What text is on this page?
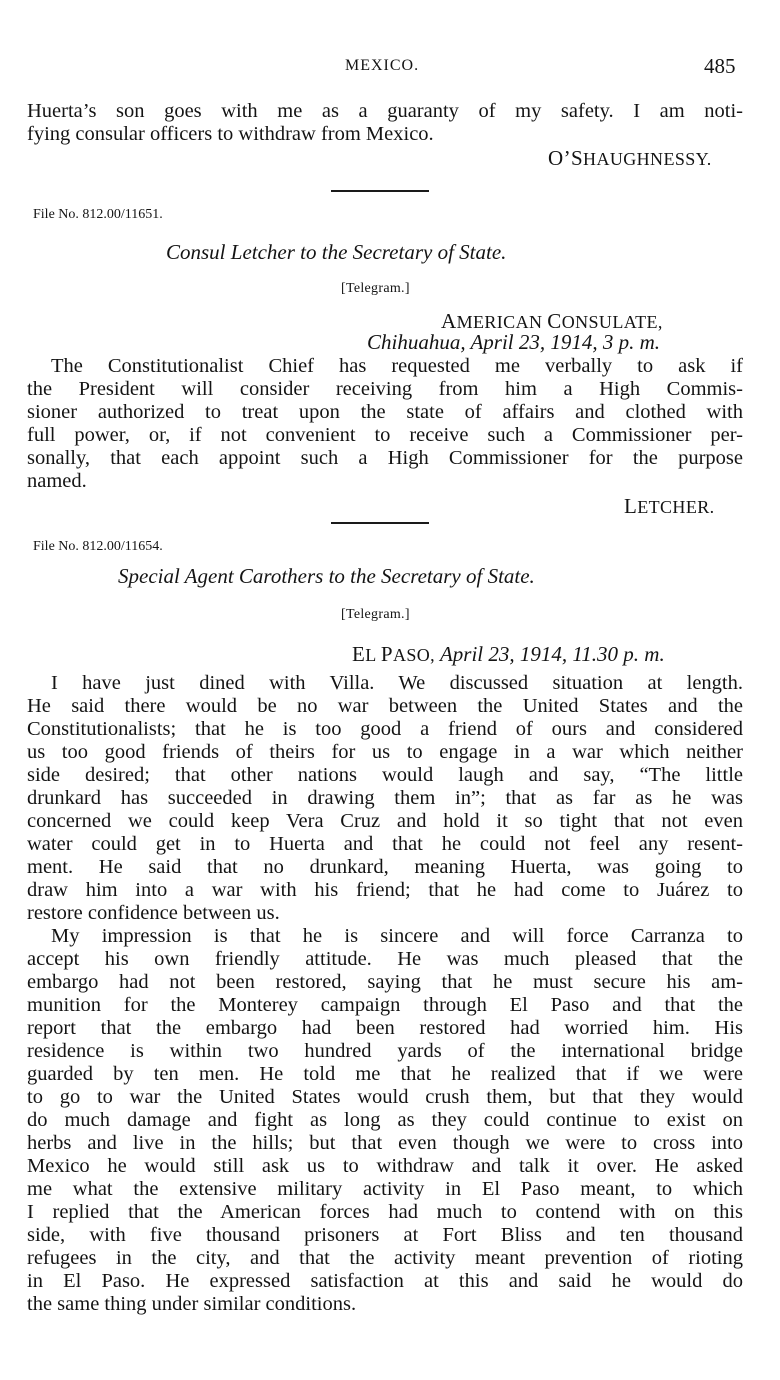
MEXICO.	485
Huerta’s son goes with me as a guaranty of my safety. I am noti-
fying consular officers to withdraw from Mexico.
O’SHAUGHNESSY.
File No. 812.00/11651.
Consul Letcher to the Secretary of State.
[Telegram.]
AMERICAN CONSULATE,
Chihuahua, April 23, 1914, 3 p. m.
The Constitutionalist Chief has requested me verbally to ask if
the President will consider receiving from him a High Commis-
sioner authorized to treat upon the state of affairs and clothed with
full power, or, if not convenient to receive such a Commissioner per-
sonally, that each appoint such a High Commissioner for the purpose
named.
LETCHER.
File No. 812.00/11654.
Special Agent Carothers to the Secretary of State.
[Telegram.]
EL PASO, April 23, 1914, 11.30 p. m.
I have just dined with Villa. We discussed situation at length.
He said there would be no war between the United States and the
Constitutionalists; that he is too good a friend of ours and considered
us too good friends of theirs for us to engage in a war which neither
side desired; that other nations would laugh and say, “The little
drunkard has succeeded in drawing them in”; that as far as he was
concerned we could keep Vera Cruz and hold it so tight that not even
water could get in to Huerta and that he could not feel any resent-
ment. He said that no drunkard, meaning Huerta, was going to
draw him into a war with his friend; that he had come to Juárez to
restore confidence between us.
My impression is that he is sincere and will force Carranza to
accept his own friendly attitude. He was much pleased that the
embargo had not been restored, saying that he must secure his am-
munition for the Monterey campaign through El Paso and that the
report that the embargo had been restored had worried him. His
residence is within two hundred yards of the international bridge
guarded by ten men. He told me that he realized that if we were
to go to war the United States would crush them, but that they would
do much damage and fight as long as they could continue to exist on
herbs and live in the hills; but that even though we were to cross into
Mexico he would still ask us to withdraw and talk it over. He asked
me what the extensive military activity in El Paso meant, to which
I replied that the American forces had much to contend with on this
side, with five thousand prisoners at Fort Bliss and ten thousand
refugees in the city, and that the activity meant prevention of rioting
in El Paso. He expressed satisfaction at this and said he would do
the same thing under similar conditions.
